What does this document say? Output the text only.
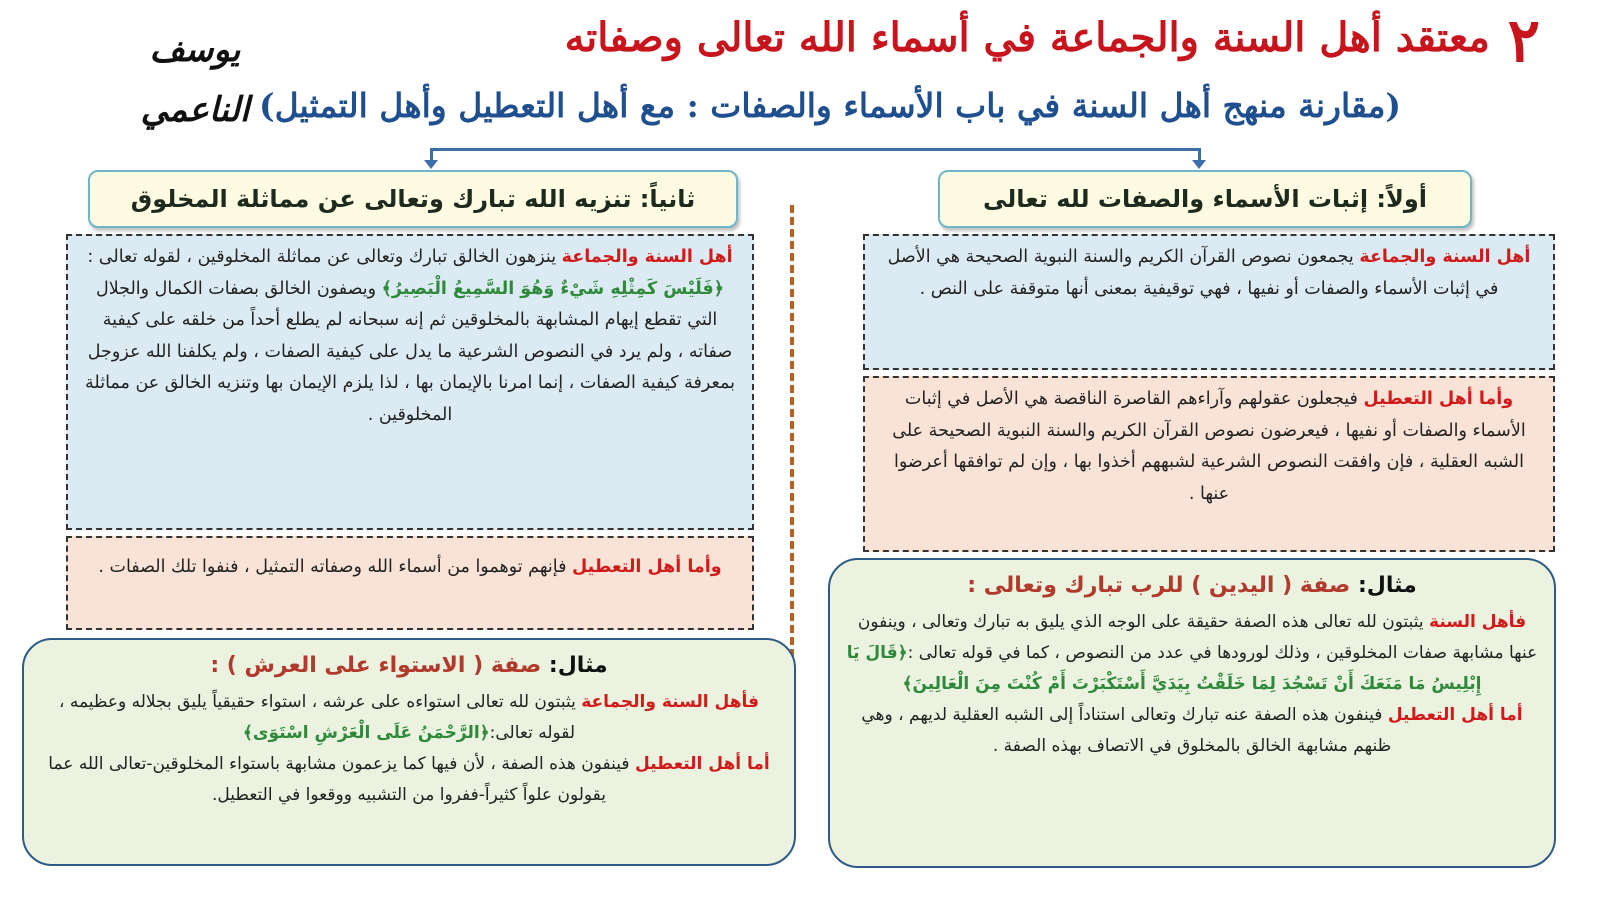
٢معتقد أهل السنة والجماعة في أسماء الله تعالى وصفاته
يوسف الناعمي (مقارنة منهج أهل السنة في باب الأسماء والصفات : مع أهل التعطيل وأهل التمثيل)
أولاً: إثبات الأسماء والصفات لله تعالى
أهل السنة والجماعة يجمعون نصوص القرآن الكريم والسنة النبوية الصحيحة هي الأصل في إثبات الأسماء والصفات أو نفيها ، فهي توقيفية بمعنى أنها متوقفة على النص .
وأما أهل التعطيل فيجعلون عقولهم وآراءهم القاصرة الناقصة هي الأصل في إثبات الأسماء والصفات أو نفيها ، فيعرضون نصوص القرآن الكريم والسنة النبوية الصحيحة على الشبه العقلية ، فإن وافقت النصوص الشرعية لشبههم أخذوا بها ، وإن لم توافقها أعرضوا عنها .
مثال: صفة ( اليدين ) للرب تبارك وتعالى :
فأهل السنة يثبتون لله تعالى هذه الصفة حقيقة على الوجه الذي يليق به تبارك وتعالى ، وينفون عنها مشابهة صفات المخلوقين ، وذلك لورودها في عدد من النصوص ، كما في قوله تعالى :﴿قَالَ يَا إِبْلِيسُ مَا مَنَعَكَ أَنْ تَسْجُدَ لِمَا خَلَقْتُ بِيَدَيَّ أَسْتَكْبَرْتَ أَمْ كُنْتَ مِنَ الْعَالِينَ﴾
أما أهل التعطيل فينفون هذه الصفة عنه تبارك وتعالى استناداً إلى الشبه العقلية لديهم ، وهي ظنهم مشابهة الخالق بالمخلوق في الاتصاف بهذه الصفة .
ثانياً: تنزيه الله تبارك وتعالى عن مماثلة المخلوق
أهل السنة والجماعة ينزهون الخالق تبارك وتعالى عن مماثلة المخلوقين ، لقوله تعالى :﴿فَلَيْسَ كَمِثْلِهِ شَيْءٌ وَهُوَ السَّمِيعُ الْبَصِيرُ﴾ ويصفون الخالق بصفات الكمال والجلال التي تقطع إيهام المشابهة بالمخلوقين ثم إنه سبحانه لم يطلع أحداً من خلقه على كيفية صفاته ، ولم يرد في النصوص الشرعية ما يدل على كيفية الصفات ، ولم يكلفنا الله عزوجل بمعرفة كيفية الصفات ، إنما امرنا بالإيمان بها ، لذا يلزم الإيمان بها وتنزيه الخالق عن مماثلة المخلوقين .
وأما أهل التعطيل فإنهم توهموا من أسماء الله وصفاته التمثيل ، فنفوا تلك الصفات .
مثال: صفة ( الاستواء على العرش ) :
فأهل السنة والجماعة يثبتون لله تعالى استواءه على عرشه ، استواء حقيقياً يليق بجلاله وعظيمه ، لقوله تعالى:﴿الرَّحْمَنُ عَلَى الْعَرْشِ اسْتَوَى﴾
أما أهل التعطيل فينفون هذه الصفة ، لأن فيها كما يزعمون مشابهة باستواء المخلوقين-تعالى الله عما يقولون علواً كثيراً-ففروا من التشبيه ووقعوا في التعطيل.
